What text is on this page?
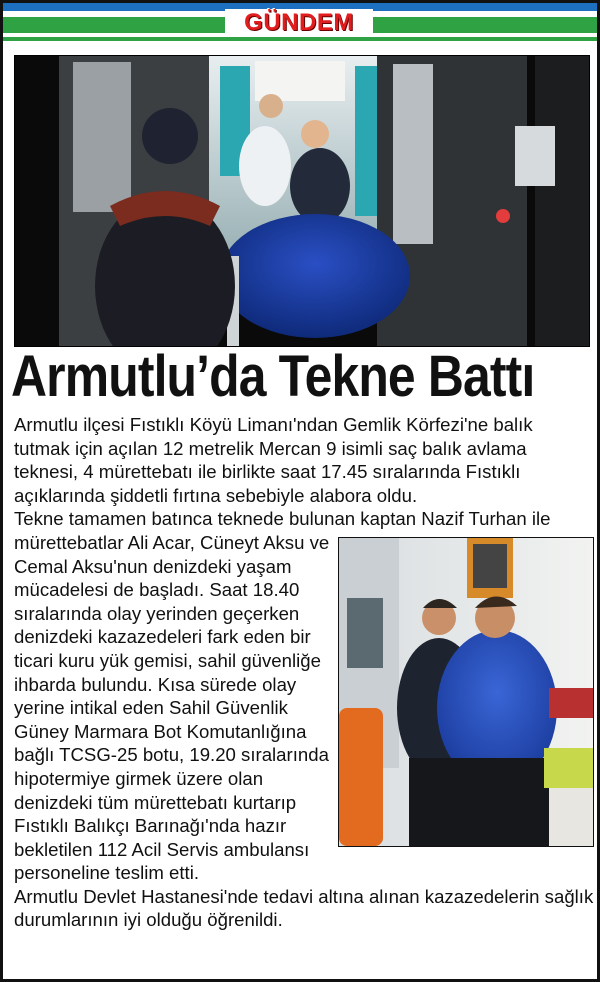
GÜNDEM
Armutlu’da Tekne Battı

Armutlu ilçesi Fıstıklı Köyü Limanı'ndan Gemlik Körfezi'ne balık tutmak için açılan 12 metrelik Mercan 9 isimli saç balık avlama teknesi, 4 mürettebatı ile birlikte saat 17.45 sıralarında Fıstıklı açıklarında şiddetli fırtına sebebiyle alabora oldu.

Tekne tamamen batınca teknede bulunan kaptan Nazif Turhan ile mürettebatlar Ali Acar, Cüneyt Aksu ve Cemal Aksu'nun denizdeki yaşam mücadelesi de başladı. Saat 18.40 sıralarında olay yerinden geçerken denizdeki kazazedeleri fark eden bir ticari kuru yük gemisi, sahil güvenliğe ihbarda bulundu. Kısa sürede olay yerine intikal eden Sahil Güvenlik Güney Marmara Bot Komutanlığına bağlı TCSG-25 botu, 19.20 sıralarında hipotermiye girmek üzere olan denizdeki tüm mürettebatı kurtarıp Fıstıklı Balıkçı Barınağı'nda hazır bekletilen 112 Acil Servis ambulansı personeline teslim etti.

Armutlu Devlet Hastanesi'nde tedavi altına alınan kazazedelerin sağlık durumlarının iyi olduğu öğrenildi.
